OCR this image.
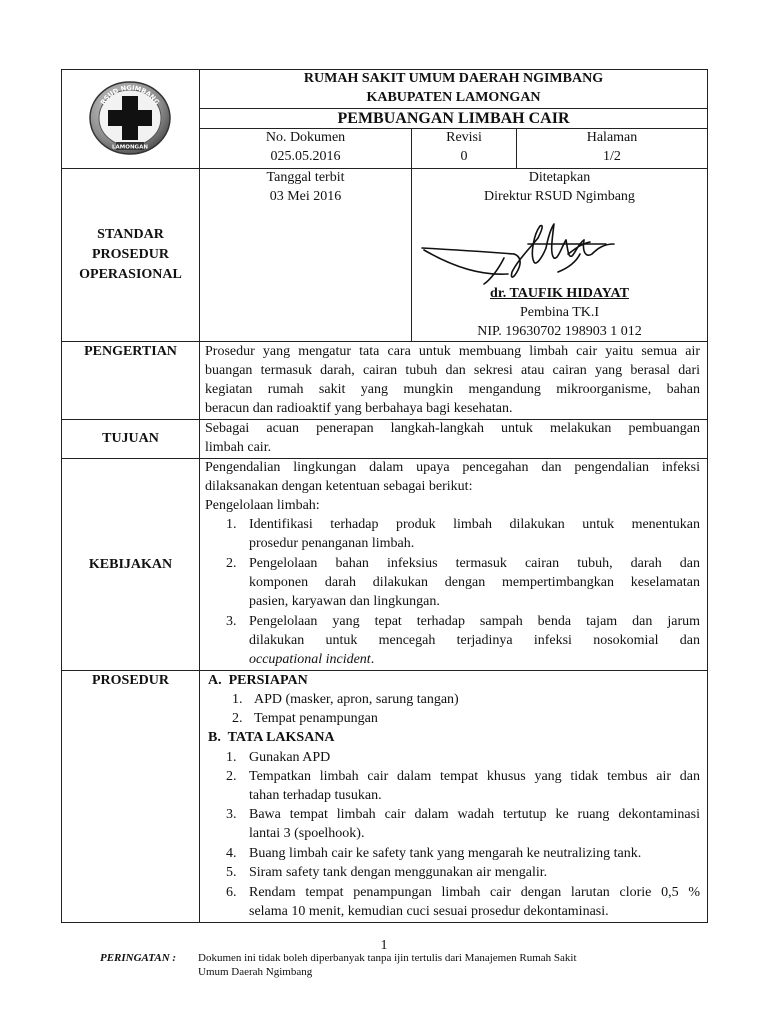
RSUD NGIMBANG
LAMONGAN
RUMAH SAKIT UMUM DAERAH NGIMBANG
KABUPATEN LAMONGAN
PEMBUANGAN LIMBAH CAIR
No. Dokumen
025.05.2016
Revisi
0
Halaman
1/2
STANDAR
PROSEDUR
OPERASIONAL
Tanggal terbit
03 Mei 2016
Ditetapkan
Direktur RSUD Ngimbang
dr. TAUFIK HIDAYAT
Pembina TK.I
NIP. 19630702 198903 1 012
PENGERTIAN	Prosedur yang mengatur tata cara untuk membuang limbah cair yaitu semua air
buangan termasuk darah, cairan tubuh dan sekresi atau cairan yang berasal dari
kegiatan rumah sakit yang mungkin mengandung mikroorganisme, bahan
beracun dan radioaktif yang berbahaya bagi kesehatan.
TUJUAN
Sebagai acuan penerapan langkah-langkah untuk melakukan pembuangan
limbah cair.
KEBIJAKAN
Pengendalian lingkungan dalam upaya pencegahan dan pengendalian infeksi
dilaksanakan dengan ketentuan sebagai berikut:
Pengelolaan limbah:
1. Identifikasi terhadap produk limbah dilakukan untuk menentukan
prosedur penanganan limbah.
2. Pengelolaan bahan infeksius termasuk cairan tubuh, darah dan
komponen darah dilakukan dengan mempertimbangkan keselamatan
pasien, karyawan dan lingkungan.
3. Pengelolaan yang tepat terhadap sampah benda tajam dan jarum
dilakukan untuk mencegah terjadinya infeksi nosokomial dan
occupational incident.
PROSEDUR	A.  PERSIAPAN
1. APD (masker, apron, sarung tangan)
2. Tempat penampungan
B.  TATA LAKSANA
1. Gunakan APD
2. Tempatkan limbah cair dalam tempat khusus yang tidak tembus air dan
tahan terhadap tusukan.
3. Bawa tempat limbah cair dalam wadah tertutup ke ruang dekontaminasi
lantai 3 (spoelhook).
4. Buang limbah cair ke safety tank yang mengarah ke neutralizing tank.
5. Siram safety tank dengan menggunakan air mengalir.
6. Rendam tempat penampungan limbah cair dengan larutan clorie 0,5 %
selama 10 menit, kemudian cuci sesuai prosedur dekontaminasi.
1
PERINGATAN : Dokumen ini tidak boleh diperbanyak tanpa ijin tertulis dari Manajemen Rumah Sakit
Umum Daerah Ngimbang
